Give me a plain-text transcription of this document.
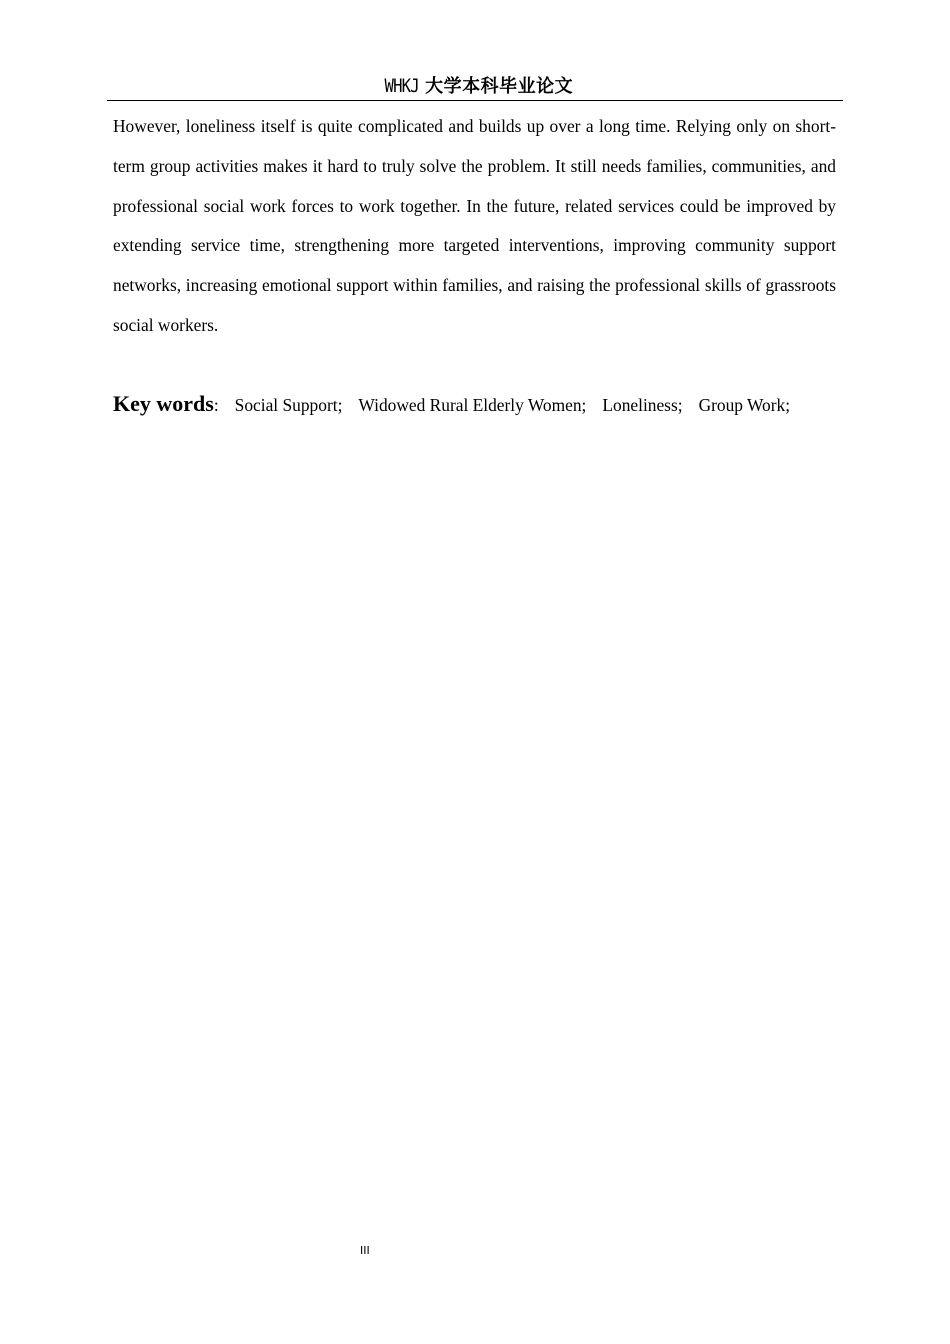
WHKJ 大学本科毕业论文

However, loneliness itself is quite complicated and builds up over a long time. Relying only on short-term group activities makes it hard to truly solve the problem. It still needs families, communities, and professional social work forces to work together. In the future, related services could be improved by extending service time, strengthening more targeted interventions, improving community support networks, increasing emotional support within families, and raising the professional skills of grassroots social workers.

Key words: Social Support; Widowed Rural Elderly Women; Loneliness; Group Work;
III
